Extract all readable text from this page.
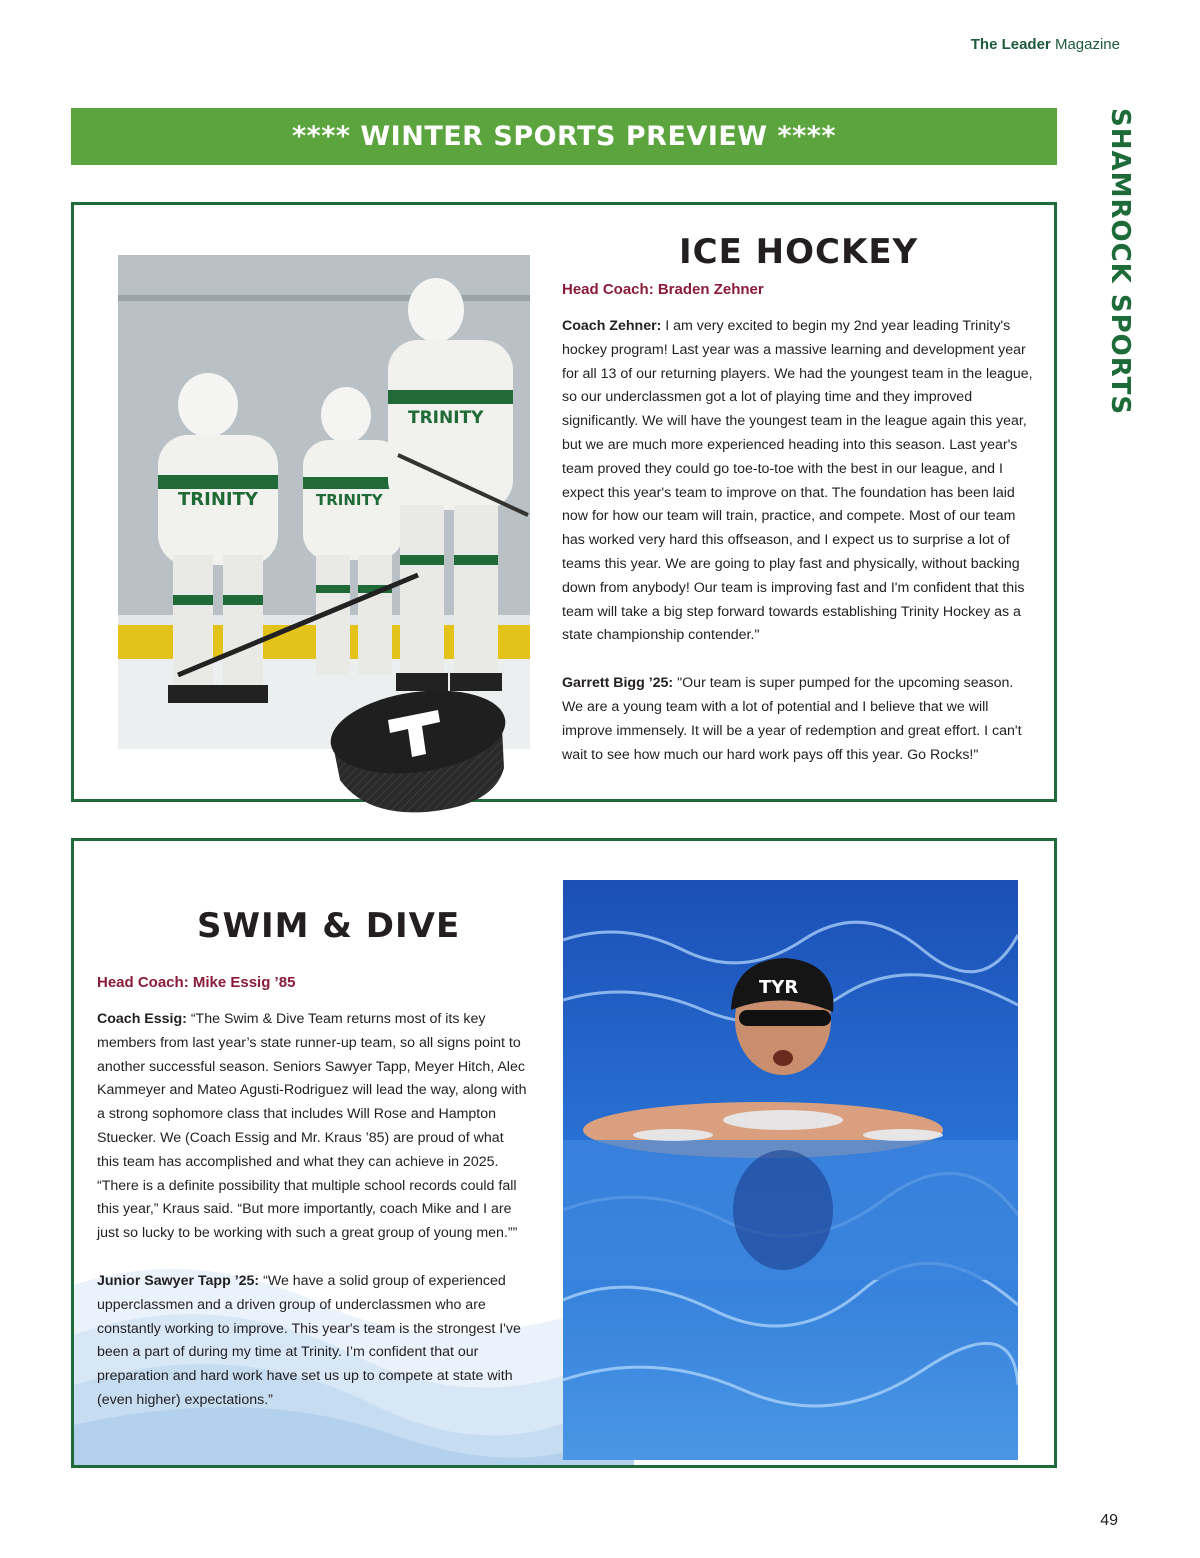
The Leader Magazine
SHAMROCK SPORTS
**** WINTER SPORTS PREVIEW ****
TRINITY	TRINITY
TRINITY
ICE HOCKEY
Head Coach: Braden Zehner

Coach Zehner: I am very excited to begin my 2nd year leading Trinity's hockey program! Last year was a massive learning and development year for all 13 of our returning players. We had the youngest team in the league, so our underclassmen got a lot of playing time and they improved significantly. We will have the youngest team in the league again this year, but we are much more experienced heading into this season. Last year's team proved they could go toe-to-toe with the best in our league, and I expect this year's team to improve on that. The foundation has been laid now for how our team will train, practice, and compete. Most of our team has worked very hard this offseason, and I expect us to surprise a lot of teams this year. We are going to play fast and physically, without backing down from anybody! Our team is improving fast and I'm confident that this team will take a big step forward towards establishing Trinity Hockey as a state championship contender."

Garrett Bigg ’25: "Our team is super pumped for the upcoming season. We are a young team with a lot of potential and I believe that we will improve immensely. It will be a year of redemption and great effort. I can't wait to see how much our hard work pays off this year. Go Rocks!"

TYR
SWIM & DIVE
Head Coach: Mike Essig ’85

Coach Essig: “The Swim & Dive Team returns most of its key members from last year’s state runner-up team, so all signs point to another successful season. Seniors Sawyer Tapp, Meyer Hitch, Alec Kammeyer and Mateo Agusti-Rodriguez will lead the way, along with a strong sophomore class that includes Will Rose and Hampton Stuecker. We (Coach Essig and Mr. Kraus ’85) are proud of what this team has accomplished and what they can achieve in 2025. “There is a definite possibility that multiple school records could fall this year,” Kraus said. “But more importantly, coach Mike and I are just so lucky to be working with such a great group of young men.””

Junior Sawyer Tapp ’25: “We have a solid group of experienced upperclassmen and a driven group of underclassmen who are constantly working to improve. This year's team is the strongest I've been a part of during my time at Trinity. I’m confident that our preparation and hard work have set us up to compete at state with (even higher) expectations.”

49
